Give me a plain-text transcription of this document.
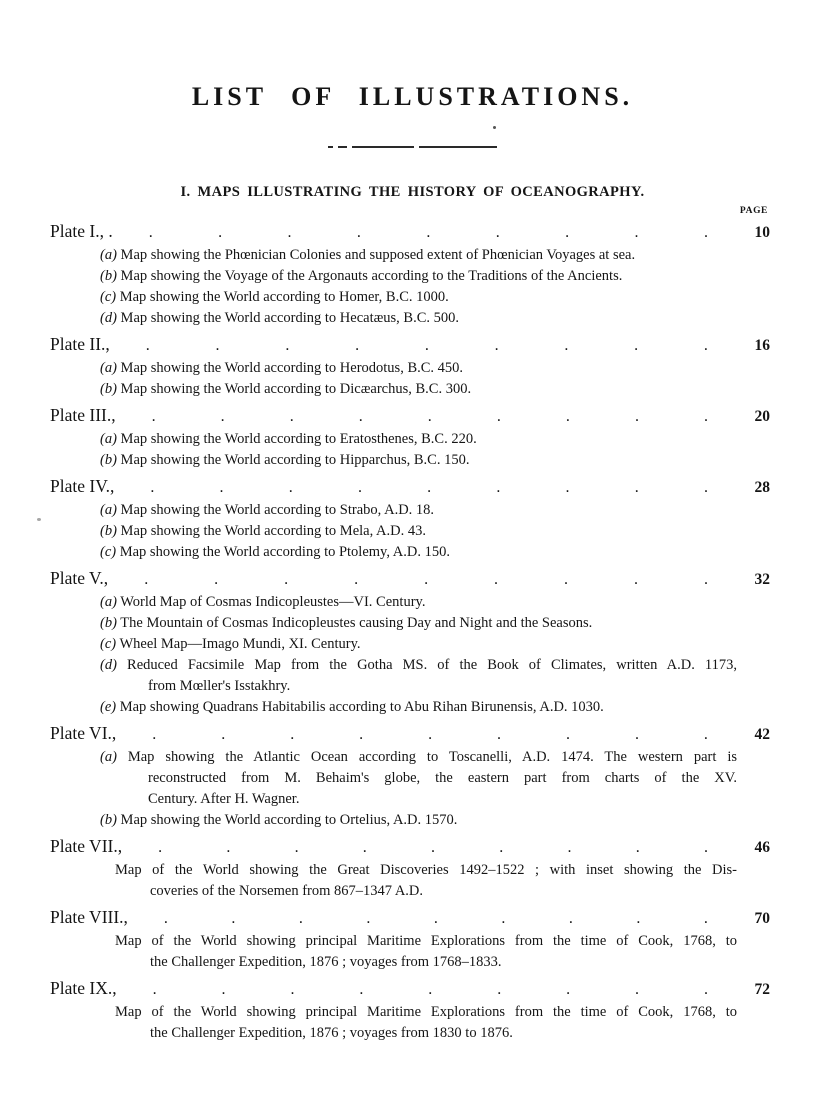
LIST OF ILLUSTRATIONS.
I. MAPS ILLUSTRATING THE HISTORY OF OCEANOGRAPHY.
PAGE
Plate I., . .	.	.	.	.	.	.	.	.	10
(a) Map showing the Phœnician Colonies and supposed extent of Phœnician Voyages at sea.
(b) Map showing the Voyage of the Argonauts according to the Traditions of the Ancients.
(c) Map showing the World according to Homer, B.C. 1000.
(d) Map showing the World according to Hecatæus, B.C. 500.
Plate II., .	.	.	.	.	.	.	.	.	16
(a) Map showing the World according to Herodotus, B.C. 450.
(b) Map showing the World according to Dicæarchus, B.C. 300.
Plate III., .	.	.	.	.	.	.	.	.	20
(a) Map showing the World according to Eratosthenes, B.C. 220.
(b) Map showing the World according to Hipparchus, B.C. 150.
Plate IV., .	.	.	.	.	.	.	.	.	28
(a) Map showing the World according to Strabo, A.D. 18.
(b) Map showing the World according to Mela, A.D. 43.
(c) Map showing the World according to Ptolemy, A.D. 150.
Plate V., .	.	.	.	.	.	.	.	.	32
(a) World Map of Cosmas Indicopleustes—VI. Century.
(b) The Mountain of Cosmas Indicopleustes causing Day and Night and the Seasons.
(c) Wheel Map—Imago Mundi, XI. Century.
(d) Reduced Facsimile Map from the Gotha MS. of the Book of Climates, written A.D. 1173,
from Mœller's Isstakhry.
(e) Map showing Quadrans Habitabilis according to Abu Rihan Birunensis, A.D. 1030.
Plate VI., .	.	.	.	.	.	.	.	.	42
(a) Map showing the Atlantic Ocean according to Toscanelli, A.D. 1474. The western part is
reconstructed from M. Behaim's globe, the eastern part from charts of the XV.
Century. After H. Wagner.
(b) Map showing the World according to Ortelius, A.D. 1570.
Plate VII., .	.	.	.	.	.	.	.	.	46
Map of the World showing the Great Discoveries 1492–1522 ; with inset showing the Dis-
coveries of the Norsemen from 867–1347 A.D.
Plate VIII., .	.	.	.	.	.	.	.	.	70
Map of the World showing principal Maritime Explorations from the time of Cook, 1768, to
the Challenger Expedition, 1876 ; voyages from 1768–1833.
Plate IX., .	.	.	.	.	.	.	.	.	72
Map of the World showing principal Maritime Explorations from the time of Cook, 1768, to
the Challenger Expedition, 1876 ; voyages from 1830 to 1876.
